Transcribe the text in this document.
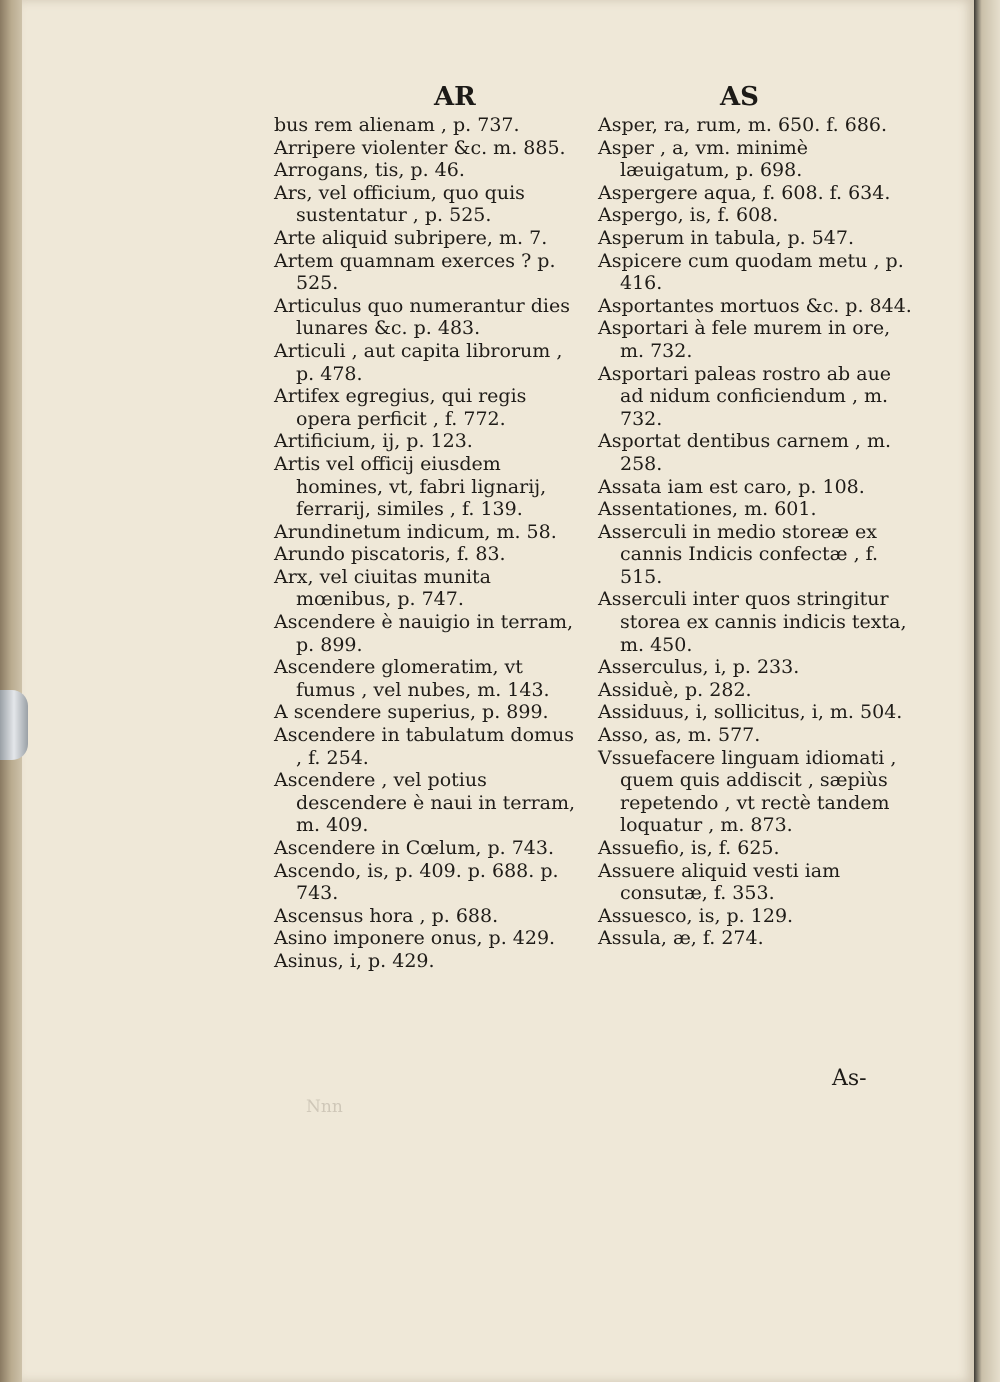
AR	AS
bus rem alienam , p. 737.
Arripere violenter &c. m. 885.
Arrogans, tis, p. 46.
Ars, vel officium, quo quis sustentatur , p. 525.
Arte aliquid subripere, m. 7.
Artem quamnam exerces ? p. 525.
Articulus quo numerantur dies lunares &c. p. 483.
Articuli , aut capita librorum , p. 478.
Artifex egregius, qui regis opera perficit , f. 772.
Artificium, ij, p. 123.
Artis vel officij eiusdem homines, vt, fabri lignarij, ferrarij, similes , f. 139.
Arundinetum indicum, m. 58.
Arundo piscatoris, f. 83.
Arx, vel ciuitas munita mœnibus, p. 747.
Ascendere è nauigio in terram, p. 899.
Ascendere glomeratim, vt fumus , vel nubes, m. 143.
A scendere superius, p. 899.
Ascendere in tabulatum domus , f. 254.
Ascendere , vel potius descendere è naui in terram, m. 409.
Ascendere in Cœlum, p. 743.
Ascendo, is, p. 409. p. 688. p. 743.
Ascensus hora , p. 688.
Asino imponere onus, p. 429.
Asinus, i, p. 429.
Asper, ra, rum, m. 650. f. 686.
Asper , a, vm. minimè læuigatum, p. 698.
Aspergere aqua, f. 608. f. 634.
Aspergo, is, f. 608.
Asperum in tabula, p. 547.
Aspicere cum quodam metu , p. 416.
Asportantes mortuos &c. p. 844.
Asportari à fele murem in ore, m. 732.
Asportari paleas rostro ab aue ad nidum conficiendum , m. 732.
Asportat dentibus carnem , m. 258.
Assata iam est caro, p. 108.
Assentationes, m. 601.
Asserculi in medio storeæ ex cannis Indicis confectæ , f. 515.
Asserculi inter quos stringitur storea ex cannis indicis texta, m. 450.
Asserculus, i, p. 233.
Assiduè, p. 282.
Assiduus, i, sollicitus, i, m. 504.
Asso, as, m. 577.
Vssuefacere linguam idiomati , quem quis addiscit , sæpiùs repetendo , vt rectè tandem loquatur , m. 873.
Assuefio, is, f. 625.
Assuere aliquid vesti iam consutæ, f. 353.
Assuesco, is, p. 129.
Assula, æ, f. 274.
As-
Nnn
